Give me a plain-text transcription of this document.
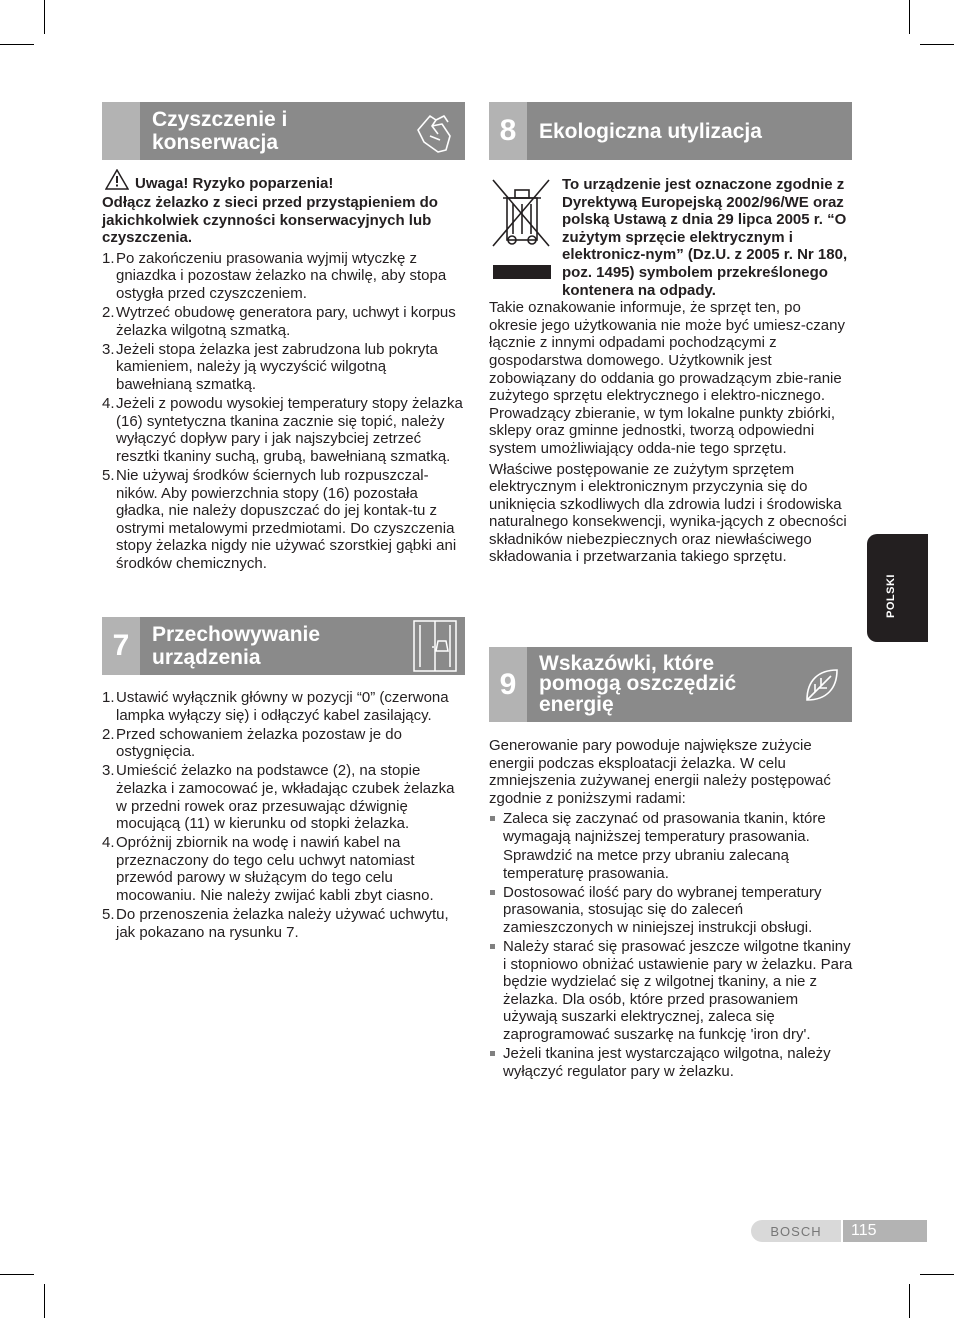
Czyszczenie i
konserwacja
Uwaga! Ryzyko poparzenia!

Odłącz żelazko z sieci przed przystąpieniem do jakichkolwiek czynności konserwacyjnych lub czyszczenia.

1. Po zakończeniu prasowania wyjmij wtyczkę z gniazdka i pozostaw żelazko na chwilę, aby stopa ostygła przed czyszczeniem.
2. Wytrzeć obudowę generatora pary, uchwyt i korpus żelazka wilgotną szmatką.
3. Jeżeli stopa żelazka jest zabrudzona lub pokryta kamieniem, należy ją wyczyścić wilgotną bawełnianą szmatką.
4. Jeżeli z powodu wysokiej temperatury stopy żelazka (16) syntetyczna tkanina zacznie się topić, należy wyłączyć dopływ pary i jak najszybciej zetrzeć resztki tkaniny suchą, grubą, bawełnianą szmatką.
5. Nie używaj środków ściernych lub rozpuszczal-ników. Aby powierzchnia stopy (16) pozostała gładka, nie należy dopuszczać do jej kontak-tu z ostrymi metalowymi przedmiotami. Do czyszczenia stopy żelazka nigdy nie używać szorstkiej gąbki ani środków chemicznych.
7	Przechowywanie
urządzenia
1. Ustawić wyłącznik główny w pozycji “0” (czerwona lampka wyłączy się) i odłączyć kabel zasilający.
2. Przed schowaniem żelazka pozostaw je do ostygnięcia.
3. Umieścić żelazko na podstawce (2), na stopie żelazka i zamocować je, wkładając czubek żelazka w przedni rowek oraz przesuwając dźwignię mocującą (11) w kierunku od stopki żelazka.
4. Opróżnij zbiornik na wodę i nawiń kabel na przeznaczony do tego celu uchwyt natomiast przewód parowy w służącym do tego celu mocowaniu. Nie należy zwijać kabli zbyt ciasno.
5. Do przenoszenia żelazka należy używać uchwytu, jak pokazano na rysunku 7.
8	Ekologiczna utylizacja

To urządzenie jest oznaczone zgodnie z Dyrektywą Europejską 2002/96/WE oraz polską Ustawą z dnia 29 lipca 2005 r. “O zużytym sprzęcie elektrycznym i elektronicz-nym” (Dz.U. z 2005 r. Nr 180, poz. 1495) symbolem przekreślonego kontenera na odpady.

Takie oznakowanie informuje, że sprzęt ten, po okresie jego użytkowania nie może być umiesz-czany łącznie z innymi odpadami pochodzącymi z gospodarstwa domowego. Użytkownik jest zobowiązany do oddania go prowadzącym zbie-ranie zużytego sprzętu elektrycznego i elektro-nicznego. Prowadzący zbieranie, w tym lokalne punkty zbiórki, sklepy oraz gminne jednostki, tworzą odpowiedni system umożliwiający odda-nie tego sprzętu.

Właściwe postępowanie ze zużytym sprzętem elektrycznym i elektronicznym przyczynia się do uniknięcia szkodliwych dla zdrowia ludzi i środowiska naturalnego konsekwencji, wynika-jących z obecności składników niebezpiecznych oraz niewłaściwego składowania i przetwarzania takiego sprzętu.

9
Wskazówki, które
pomogą oszczędzić
energię

Generowanie pary powoduje największe zużycie energii podczas eksploatacji żelazka. W celu zmniejszenia zużywanej energii należy postępować zgodnie z poniższymi radami:

Zaleca się zaczynać od prasowania tkanin, które wymagają najniższej temperatury prasowania.

Sprawdzić na metce przy ubraniu zalecaną temperaturę prasowania.

Dostosować ilość pary do wybranej temperatury prasowania, stosując się do zaleceń zamieszczonych w niniejszej instrukcji obsługi.
Należy starać się prasować jeszcze wilgotne tkaniny i stopniowo obniżać ustawienie pary w żelazku. Para będzie wydzielać się z wilgotnej tkaniny, a nie z żelazka. Dla osób, które przed prasowaniem używają suszarki elektrycznej, zaleca się zaprogramować suszarkę na funkcję 'iron dry'.
Jeżeli tkanina jest wystarczająco wilgotna, należy wyłączyć regulator pary w żelazku.
POLSKI
BOSCH	115
